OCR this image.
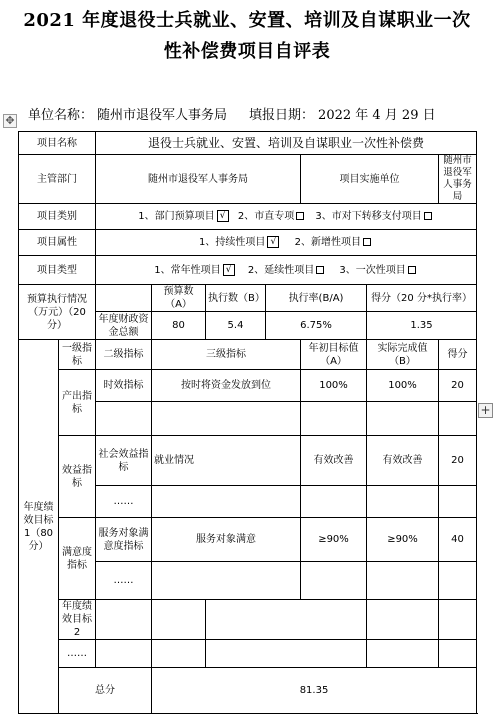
2021 年度退役士兵就业、安置、培训及自谋职业一次
性补偿费项目自评表
单位名称： 随州市退役军人事务局 填报日期： 2022 年 4 月 29 日
✥
+
项目名称		退役士兵就业、安置、培训及自谋职业一次性补偿费							
主管部门		随州市退役军人事务局				项目实施单位		随州市退役军人事务局	
项目类别		1、部门预算项目 √ 2、市直专项 3、市对下转移支付项目							
项目属性		1、持续性项目 √ 2、新增性项目							
项目类型		1、常年性项目 √ 2、延续性项目 3、一次性项目							
预算执行情况（万元）（20 分）			预算数（A）	执行数（B）	执行率(B/A)		得分（20 分*执行率）		
		年度财政资金总额	80	5.4	6.75%		1.35		
年度绩效目标 1（80 分）	一级指标	二级指标	三级指标			年初目标值（A）	实际完成值（B）	得分	
	产出指标	时效指标	按时将资金发放到位			100%	100%	20	

	效益指标	社会效益指标	就业情况			有效改善	有效改善	20	
		……							
	满意度指标	服务对象满意度指标	服务对象满意			≥90%	≥90%	40	
		……							
	年度绩效目标 2								
	……								
	总分		81.35						
